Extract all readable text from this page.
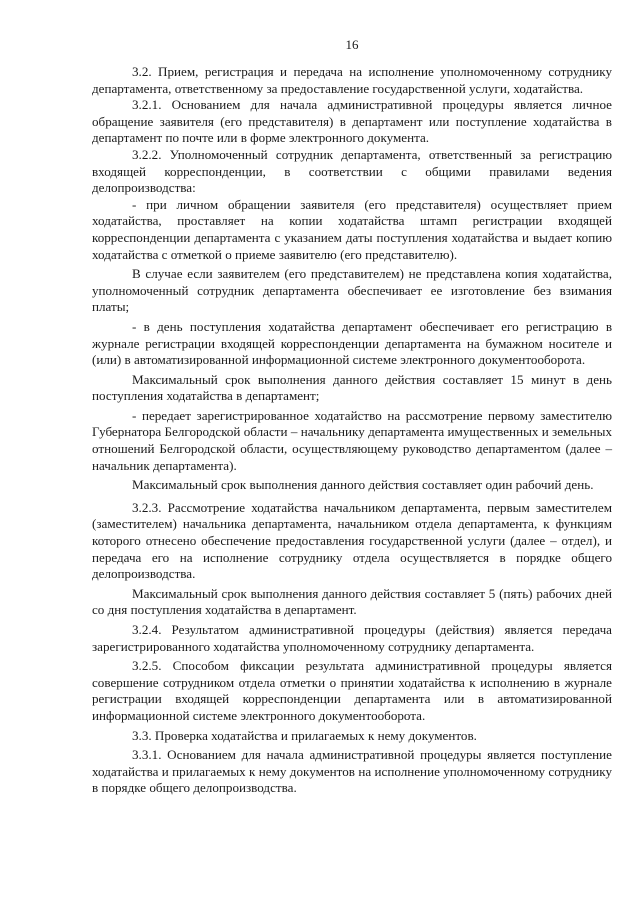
16

3.2. Прием, регистрация и передача на исполнение уполномоченному сотруднику департамента, ответственному за предоставление государственной услуги, ходатайства.

3.2.1. Основанием для начала административной процедуры является личное обращение заявителя (его представителя) в департамент или поступление ходатайства в департамент по почте или в форме электронного документа.

3.2.2. Уполномоченный сотрудник департамента, ответственный за регистрацию входящей корреспонденции, в соответствии с общими правилами ведения делопроизводства:

- при личном обращении заявителя (его представителя) осуществляет прием ходатайства, проставляет на копии ходатайства штамп регистрации входящей корреспонденции департамента с указанием даты поступления ходатайства и выдает копию ходатайства с отметкой о приеме заявителю (его представителю).

В случае если заявителем (его представителем) не представлена копия ходатайства, уполномоченный сотрудник департамента обеспечивает ее изготовление без взимания платы;

- в день поступления ходатайства департамент обеспечивает его регистрацию в журнале регистрации входящей корреспонденции департамента на бумажном носителе и (или) в автоматизированной информационной системе электронного документооборота.

Максимальный срок выполнения данного действия составляет 15 минут в день поступления ходатайства в департамент;

- передает зарегистрированное ходатайство на рассмотрение первому заместителю Губернатора Белгородской области – начальнику департамента имущественных и земельных отношений Белгородской области, осуществляющему руководство департаментом (далее – начальник департамента).

Максимальный срок выполнения данного действия составляет один рабочий день.

3.2.3. Рассмотрение ходатайства начальником департамента, первым заместителем (заместителем) начальника департамента, начальником отдела департамента, к функциям которого отнесено обеспечение предоставления государственной услуги (далее – отдел), и передача его на исполнение сотруднику отдела осуществляется в порядке общего делопроизводства.

Максимальный срок выполнения данного действия составляет 5 (пять) рабочих дней со дня поступления ходатайства в департамент.

3.2.4. Результатом административной процедуры (действия) является передача зарегистрированного ходатайства уполномоченному сотруднику департамента.

3.2.5. Способом фиксации результата административной процедуры является совершение сотрудником отдела отметки о принятии ходатайства к исполнению в журнале регистрации входящей корреспонденции департамента или в автоматизированной информационной системе электронного документооборота.

3.3. Проверка ходатайства и прилагаемых к нему документов.

3.3.1. Основанием для начала административной процедуры является поступление ходатайства и прилагаемых к нему документов на исполнение уполномоченному сотруднику в порядке общего делопроизводства.
